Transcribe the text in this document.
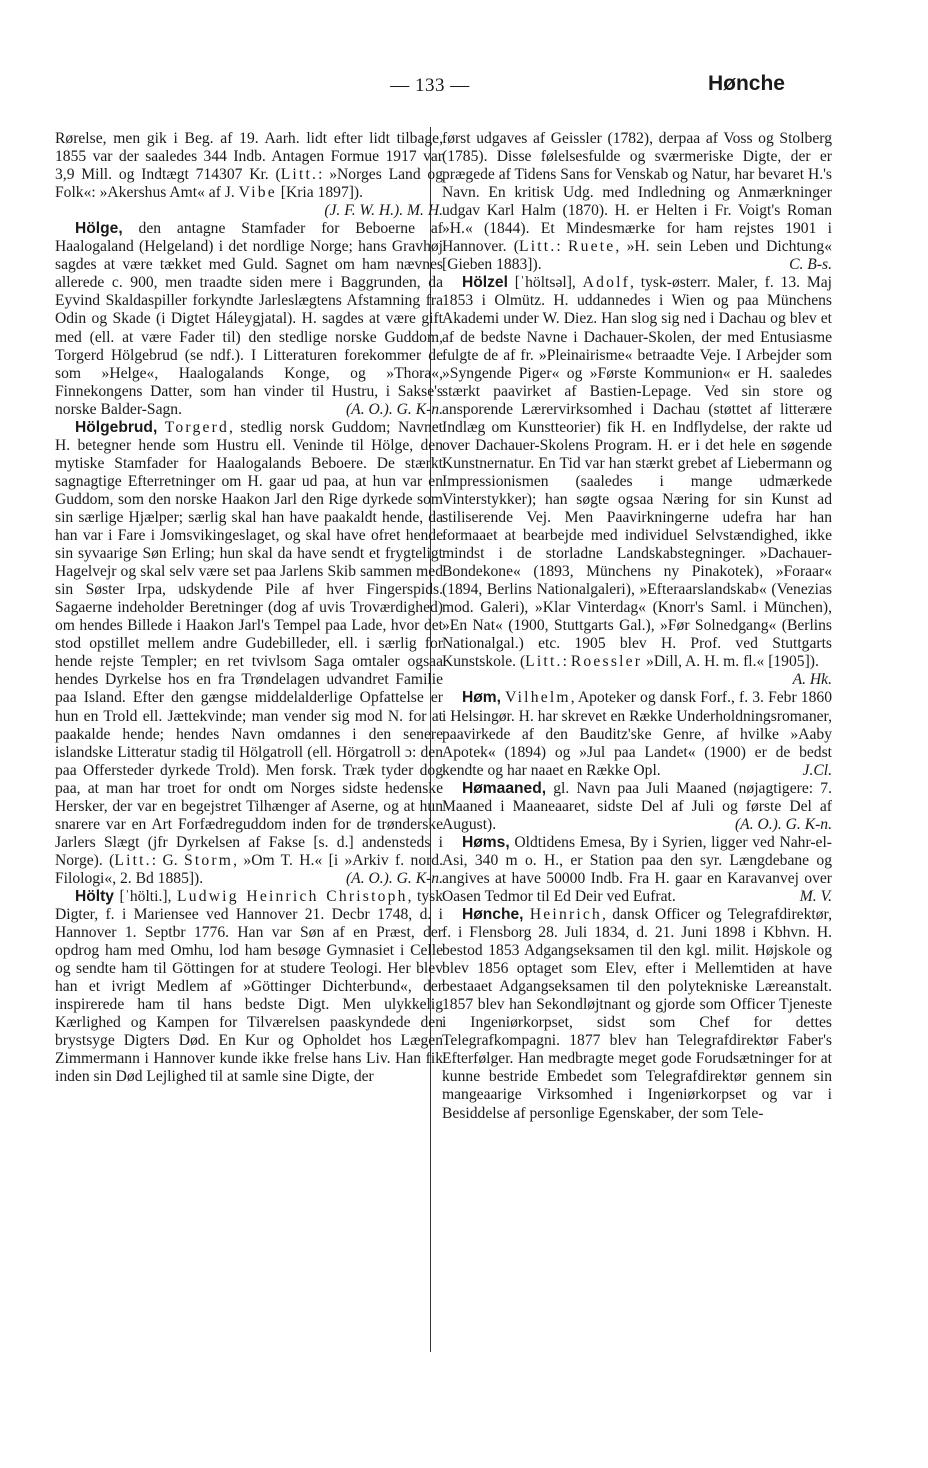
— 133 —	Hønche

Rørelse, men gik i Beg. af 19. Aarh. lidt efter lidt tilbage, 1855 var der saaledes 344 Indb. Antagen Formue 1917 var 3,9 Mill. og Indtægt 714307 Kr. (Litt.: »Norges Land og Folk«: »Akershus Amt« af J. Vibe [Kria 1897]).

(J. F. W. H.). M. H.

Hölge, den antagne Stamfader for Beboerne af Haalogaland (Helgeland) i det nordlige Norge; hans Gravhøj sagdes at være tækket med Guld. Sagnet om ham nævnes allerede c. 900, men traadte siden mere i Baggrunden, da Eyvind Skaldaspiller forkyndte Jarleslægtens Afstamning fra Odin og Skade (i Digtet Háleygjatal). H. sagdes at være gift med (ell. at være Fader til) den stedlige norske Guddom, Torgerd Hölgebrud (se ndf.). I Litteraturen forekommer de som »Helge«, Haalogalands Konge, og »Thora«, Finnekongens Datter, som han vinder til Hustru, i Sakse's norske Balder-Sagn.	(A. O.). G. K-n.

Hölgebrud, Torgerd, stedlig norsk Guddom; Navnet H. betegner hende som Hustru ell. Veninde til Hölge, den mytiske Stamfader for Haalogalands Beboere. De stærkt sagnagtige Efterretninger om H. gaar ud paa, at hun var en Guddom, som den norske Haakon Jarl den Rige dyrkede som sin særlige Hjælper; særlig skal han have paakaldt hende, da han var i Fare i Jomsvikingeslaget, og skal have ofret hende sin syvaarige Søn Erling; hun skal da have sendt et frygteligt Hagelvejr og skal selv være set paa Jarlens Skib sammen med sin Søster Irpa, udskydende Pile af hver Fingerspids. Sagaerne indeholder Beretninger (dog af uvis Troværdighed) om hendes Billede i Haakon Jarl's Tempel paa Lade, hvor det stod opstillet mellem andre Gudebilleder, ell. i særlig for hende rejste Templer; en ret tvivlsom Saga omtaler ogsaa hendes Dyrkelse hos en fra Trøndelagen udvandret Familie paa Island. Efter den gængse middelalderlige Opfattelse er hun en Trold ell. Jættekvinde; man vender sig mod N. for at paakalde hende; hendes Navn omdannes i den senere islandske Litteratur stadig til Hölgatroll (ell. Hörgatroll ɔ: den paa Offersteder dyrkede Trold). Men forsk. Træk tyder dog paa, at man har troet for ondt om Norges sidste hedenske Hersker, der var en begejstret Tilhænger af Aserne, og at hun snarere var en Art Forfædreguddom inden for de trønderske Jarlers Slægt (jfr Dyrkelsen af Fakse [s. d.] andensteds i Norge). (Litt.: G. Storm, »Om T. H.« [i »Arkiv f. nord. Filologi«, 2. Bd 1885]).	(A. O.). G. K-n.

Hölty [ˈhölti.], Ludwig Heinrich Christoph, tysk Digter, f. i Mariensee ved Hannover 21. Decbr 1748, d. i Hannover 1. Septbr 1776. Han var Søn af en Præst, der opdrog ham med Omhu, lod ham besøge Gymnasiet i Celle og sendte ham til Göttingen for at studere Teologi. Her blev han et ivrigt Medlem af »Göttinger Dichterbund«, der inspirerede ham til hans bedste Digt. Men ulykkelig Kærlighed og Kampen for Tilværelsen paaskyndede den brystsyge Digters Død. En Kur og Opholdet hos Lægen Zimmermann i Hannover kunde ikke frelse hans Liv. Han fik inden sin Død Lejlighed til at samle sine Digte, der

først udgaves af Geissler (1782), derpaa af Voss og Stolberg (1785). Disse følelsesfulde og sværmeriske Digte, der er prægede af Tidens Sans for Venskab og Natur, har bevaret H.'s Navn. En kritisk Udg. med Indledning og Anmærkninger udgav Karl Halm (1870). H. er Helten i Fr. Voigt's Roman »H.« (1844). Et Mindesmærke for ham rejstes 1901 i Hannover. (Litt.: Ruete, »H. sein Leben und Dichtung« [Gieben 1883]).	C. B-s.

Hölzel [ˈhöltsəl], Adolf, tysk-østerr. Maler, f. 13. Maj 1853 i Olmütz. H. uddannedes i Wien og paa Münchens Akademi under W. Diez. Han slog sig ned i Dachau og blev et af de bedste Navne i Dachauer-Skolen, der med Entusiasme fulgte de af fr. »Pleinairisme« betraadte Veje. I Arbejder som »Syngende Piger« og »Første Kommunion« er H. saaledes stærkt paavirket af Bastien-Lepage. Ved sin store og ansporende Lærervirksomhed i Dachau (støttet af litterære Indlæg om Kunstteorier) fik H. en Indflydelse, der rakte ud over Dachauer-Skolens Program. H. er i det hele en søgende Kunstnernatur. En Tid var han stærkt grebet af Liebermann og Impressionismen (saaledes i mange udmærkede Vinterstykker); han søgte ogsaa Næring for sin Kunst ad stiliserende Vej. Men Paavirkningerne udefra har han formaaet at bearbejde med individuel Selvstændighed, ikke mindst i de storladne Landskabstegninger. »Dachauer-Bondekone« (1893, Münchens ny Pinakotek), »Foraar« (1894, Berlins Nationalgaleri), »Efteraarslandskab« (Venezias mod. Galeri), »Klar Vinterdag« (Knorr's Saml. i München), »En Nat« (1900, Stuttgarts Gal.), »Før Solnedgang« (Berlins Nationalgal.) etc. 1905 blev H. Prof. ved Stuttgarts Kunstskole. (Litt.: Roessler »Dill, A. H. m. fl.« [1905]).
A. Hk.

Høm, Vilhelm, Apoteker og dansk Forf., f. 3. Febr 1860 i Helsingør. H. har skrevet en Række Underholdningsromaner, paavirkede af den Bauditz'ske Genre, af hvilke »Aaby Apotek« (1894) og »Jul paa Landet« (1900) er de bedst kendte og har naaet en Række Opl.	J.Cl.

Hømaaned, gl. Navn paa Juli Maaned (nøjagtigere: 7. Maaned i Maaneaaret, sidste Del af Juli og første Del af August).	(A. O.). G. K-n.

Høms, Oldtidens Emesa, By i Syrien, ligger ved Nahr-el-Asi, 340 m o. H., er Station paa den syr. Længdebane og angives at have 50000 Indb. Fra H. gaar en Karavanvej over Oasen Tedmor til Ed Deir ved Eufrat.	M. V.

Hønche, Heinrich, dansk Officer og Telegrafdirektør, f. i Flensborg 28. Juli 1834, d. 21. Juni 1898 i Kbhvn. H. bestod 1853 Adgangseksamen til den kgl. milit. Højskole og blev 1856 optaget som Elev, efter i Mellemtiden at have bestaaet Adgangseksamen til den polytekniske Læreanstalt. 1857 blev han Sekondløjtnant og gjorde som Officer Tjeneste i Ingeniørkorpset, sidst som Chef for dettes Telegrafkompagni. 1877 blev han Telegrafdirektør Faber's Efterfølger. Han medbragte meget gode Forudsætninger for at kunne bestride Embedet som Telegrafdirektør gennem sin mangeaarige Virksomhed i Ingeniørkorpset og var i Besiddelse af personlige Egenskaber, der som Tele-
